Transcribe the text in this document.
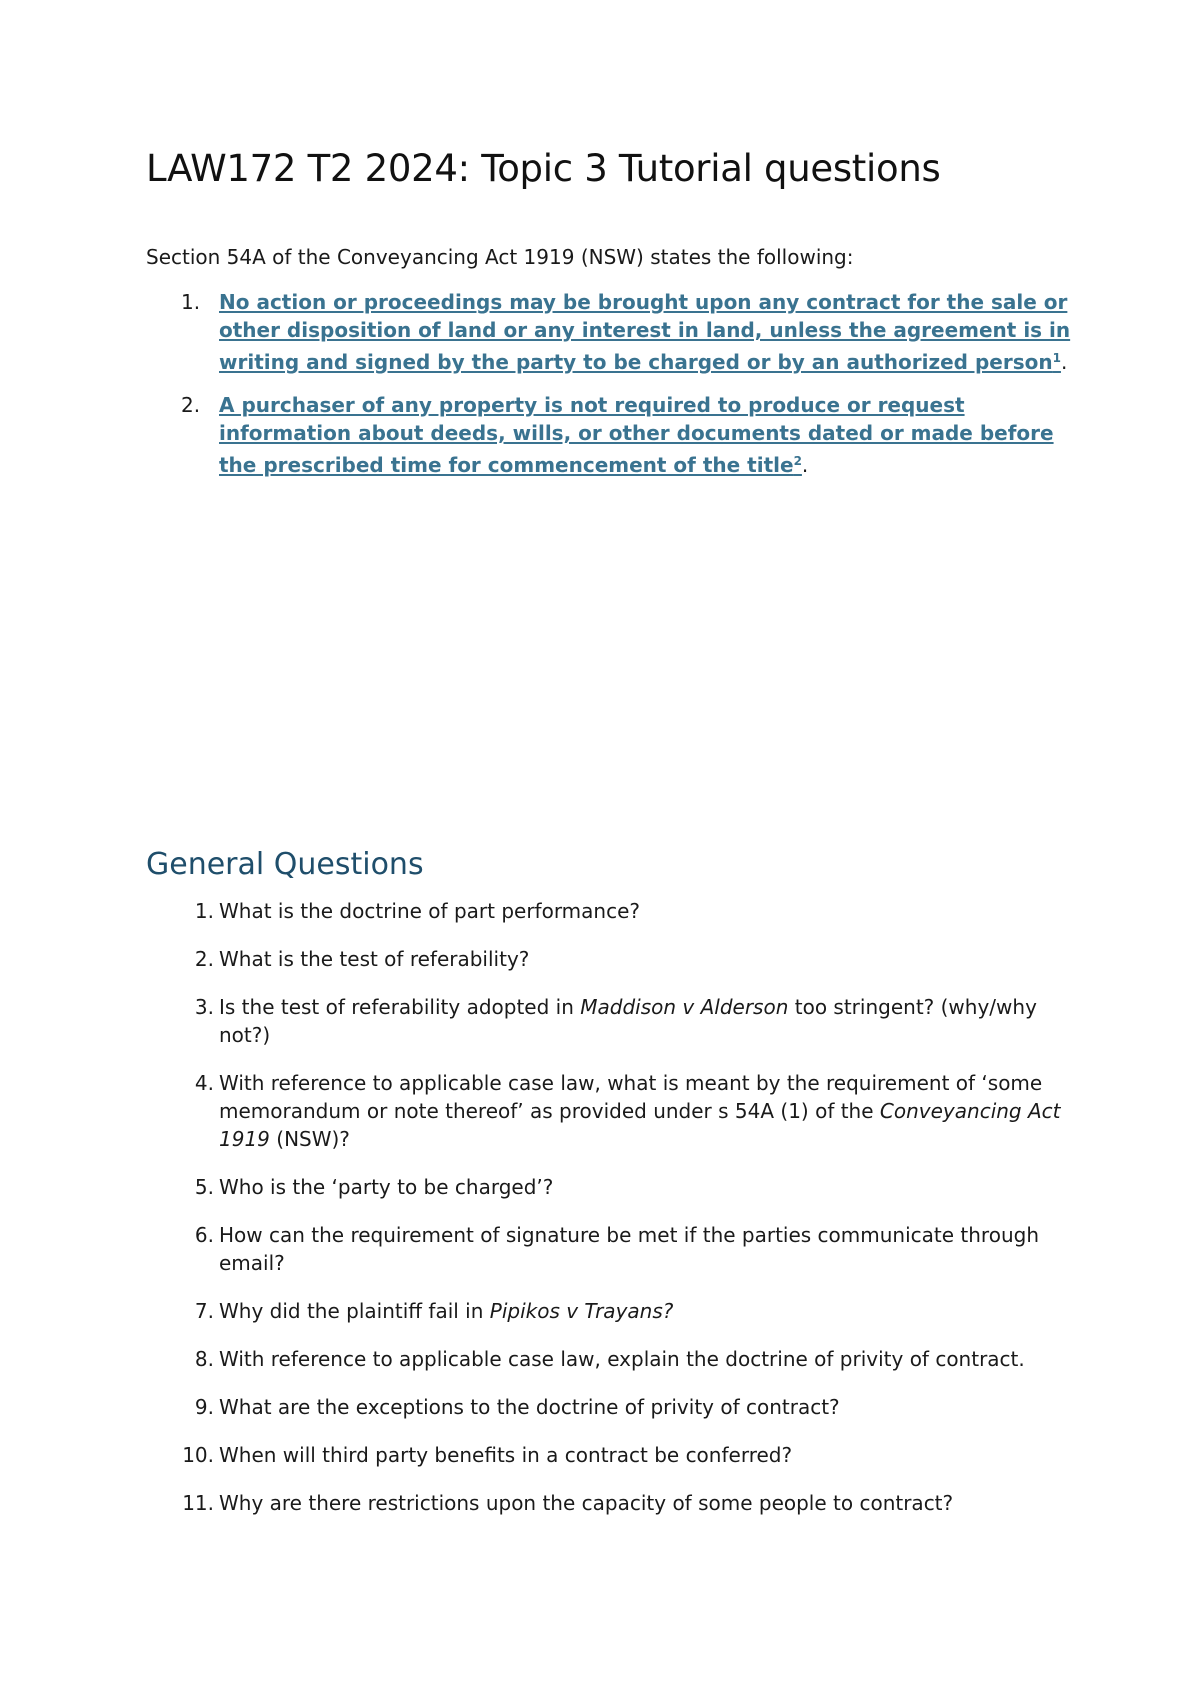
LAW172 T2 2024: Topic 3 Tutorial questions

Section 54A of the Conveyancing Act 1919 (NSW) states the following:

1. No action or proceedings may be brought upon any contract for the sale or other disposition of land or any interest in land, unless the agreement is in writing and signed by the party to be charged or by an authorized person$^1$.
2. A purchaser of any property is not required to produce or request information about deeds, wills, or other documents dated or made before the prescribed time for commencement of the title$^2$.
General Questions
1. What is the doctrine of part performance?
2. What is the test of referability?
3. Is the test of referability adopted in Maddison v Alderson too stringent? (why/why not?)
4. With reference to applicable case law, what is meant by the requirement of ‘some memorandum or note thereof’ as provided under s 54A (1) of the Conveyancing Act 1919 (NSW)?
5. Who is the ‘party to be charged’?
6. How can the requirement of signature be met if the parties communicate through email?
7. Why did the plaintiff fail in Pipikos v Trayans?
8. With reference to applicable case law, explain the doctrine of privity of contract.
9. What are the exceptions to the doctrine of privity of contract?
10. When will third party benefits in a contract be conferred?
11. Why are there restrictions upon the capacity of some people to contract?
